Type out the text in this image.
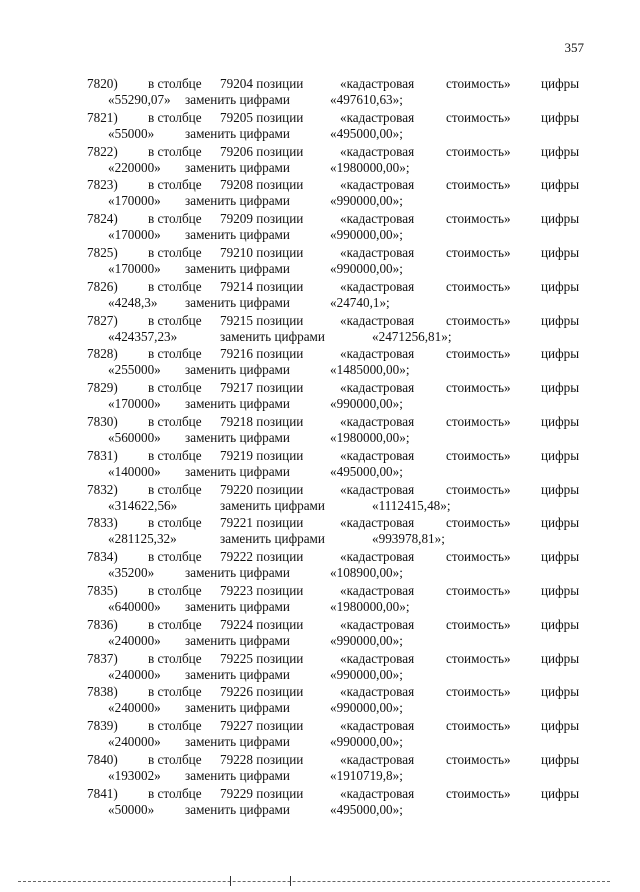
357
7820) в столбце 79204 позиции	«кадастровая стоимость» цифры
«55290,07» заменить цифрами	«497610,63»;
7821) в столбце 79205 позиции	«кадастровая стоимость» цифры
«55000» заменить цифрами	«495000,00»;
7822) в столбце 79206 позиции	«кадастровая стоимость» цифры
«220000» заменить цифрами	«1980000,00»;
7823) в столбце 79208 позиции	«кадастровая стоимость» цифры
«170000» заменить цифрами	«990000,00»;
7824) в столбце 79209 позиции	«кадастровая стоимость» цифры
«170000» заменить цифрами	«990000,00»;
7825) в столбце 79210 позиции	«кадастровая стоимость» цифры
«170000» заменить цифрами	«990000,00»;
7826) в столбце 79214 позиции	«кадастровая стоимость» цифры
«4248,3» заменить цифрами	«24740,1»;
7827) в столбце 79215 позиции	«кадастровая стоимость» цифры
«424357,23»	заменить цифрами	«2471256,81»;
7828) в столбце 79216 позиции	«кадастровая стоимость» цифры
«255000» заменить цифрами	«1485000,00»;
7829) в столбце 79217 позиции	«кадастровая стоимость» цифры
«170000» заменить цифрами	«990000,00»;
7830) в столбце 79218 позиции	«кадастровая стоимость» цифры
«560000» заменить цифрами	«1980000,00»;
7831) в столбце 79219 позиции	«кадастровая стоимость» цифры
«140000» заменить цифрами	«495000,00»;
7832) в столбце 79220 позиции	«кадастровая стоимость» цифры
«314622,56»	заменить цифрами	«1112415,48»;
7833) в столбце 79221 позиции	«кадастровая стоимость» цифры
«281125,32»	заменить цифрами	«993978,81»;
7834) в столбце 79222 позиции	«кадастровая стоимость» цифры
«35200» заменить цифрами	«108900,00»;
7835) в столбце 79223 позиции	«кадастровая стоимость» цифры
«640000» заменить цифрами	«1980000,00»;
7836) в столбце 79224 позиции	«кадастровая стоимость» цифры
«240000» заменить цифрами	«990000,00»;
7837) в столбце 79225 позиции	«кадастровая стоимость» цифры
«240000» заменить цифрами	«990000,00»;
7838) в столбце 79226 позиции	«кадастровая стоимость» цифры
«240000» заменить цифрами	«990000,00»;
7839) в столбце 79227 позиции	«кадастровая стоимость» цифры
«240000» заменить цифрами	«990000,00»;
7840) в столбце 79228 позиции	«кадастровая стоимость» цифры
«193002» заменить цифрами	«1910719,8»;
7841) в столбце 79229 позиции	«кадастровая стоимость» цифры
«50000» заменить цифрами	«495000,00»;
